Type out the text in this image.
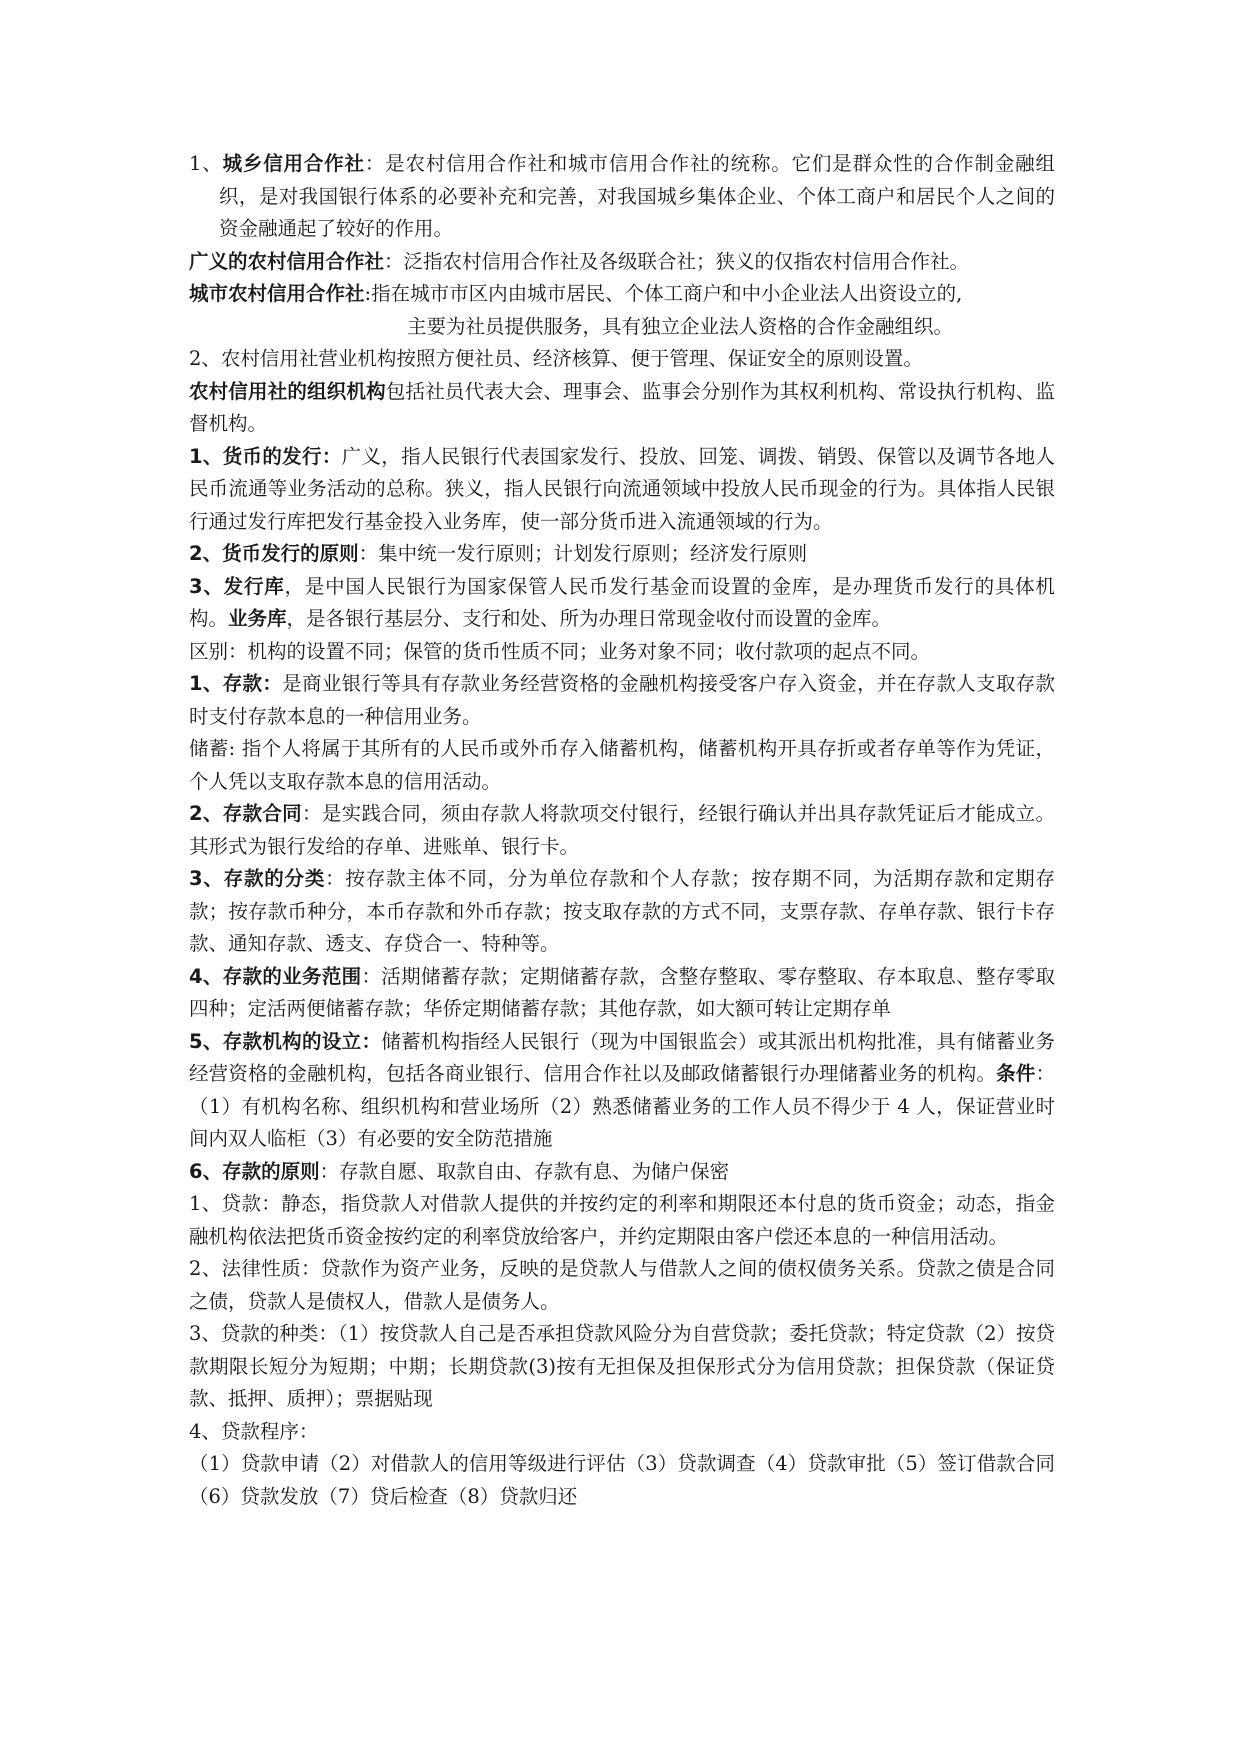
1、城乡信用合作社：是农村信用合作社和城市信用合作社的统称。它们是群众性的合作制金融组织，是对我国银行体系的必要补充和完善，对我国城乡集体企业、个体工商户和居民个人之间的资金融通起了较好的作用。

广义的农村信用合作社：泛指农村信用合作社及各级联合社；狭义的仅指农村信用合作社。

城市农村信用合作社:指在城市市区内由城市居民、个体工商户和中小企业法人出资设立的,

主要为社员提供服务，具有独立企业法人资格的合作金融组织。

2、农村信用社营业机构按照方便社员、经济核算、便于管理、保证安全的原则设置。

农村信用社的组织机构包括社员代表大会、理事会、监事会分别作为其权利机构、常设执行机构、监督机构。

1、货币的发行：广义，指人民银行代表国家发行、投放、回笼、调拨、销毁、保管以及调节各地人民币流通等业务活动的总称。狭义，指人民银行向流通领域中投放人民币现金的行为。具体指人民银行通过发行库把发行基金投入业务库，使一部分货币进入流通领域的行为。

2、货币发行的原则：集中统一发行原则；计划发行原则；经济发行原则

3、发行库，是中国人民银行为国家保管人民币发行基金而设置的金库，是办理货币发行的具体机构。业务库，是各银行基层分、支行和处、所为办理日常现金收付而设置的金库。

区别：机构的设置不同；保管的货币性质不同；业务对象不同；收付款项的起点不同。

1、存款：是商业银行等具有存款业务经营资格的金融机构接受客户存入资金，并在存款人支取存款时支付存款本息的一种信用业务。

储蓄: 指个人将属于其所有的人民币或外币存入储蓄机构，储蓄机构开具存折或者存单等作为凭证，个人凭以支取存款本息的信用活动。

2、存款合同：是实践合同，须由存款人将款项交付银行，经银行确认并出具存款凭证后才能成立。其形式为银行发给的存单、进账单、银行卡。

3、存款的分类：按存款主体不同，分为单位存款和个人存款；按存期不同，为活期存款和定期存款；按存款币种分，本币存款和外币存款；按支取存款的方式不同，支票存款、存单存款、银行卡存款、通知存款、透支、存贷合一、特种等。

4、存款的业务范围：活期储蓄存款；定期储蓄存款，含整存整取、零存整取、存本取息、整存零取四种；定活两便储蓄存款；华侨定期储蓄存款；其他存款，如大额可转让定期存单

5、存款机构的设立：储蓄机构指经人民银行（现为中国银监会）或其派出机构批准，具有储蓄业务经营资格的金融机构，包括各商业银行、信用合作社以及邮政储蓄银行办理储蓄业务的机构。条件：（1）有机构名称、组织机构和营业场所（2）熟悉储蓄业务的工作人员不得少于 4 人，保证营业时间内双人临柜（3）有必要的安全防范措施

6、存款的原则：存款自愿、取款自由、存款有息、为储户保密

1、贷款：静态，指贷款人对借款人提供的并按约定的利率和期限还本付息的货币资金；动态，指金融机构依法把货币资金按约定的利率贷放给客户，并约定期限由客户偿还本息的一种信用活动。

2、法律性质：贷款作为资产业务，反映的是贷款人与借款人之间的债权债务关系。贷款之债是合同之债，贷款人是债权人，借款人是债务人。

3、贷款的种类：（1）按贷款人自己是否承担贷款风险分为自营贷款；委托贷款；特定贷款（2）按贷款期限长短分为短期；中期；长期贷款(3)按有无担保及担保形式分为信用贷款；担保贷款（保证贷款、抵押、质押）；票据贴现

4、贷款程序：

（1）贷款申请（2）对借款人的信用等级进行评估（3）贷款调查（4）贷款审批（5）签订借款合同（6）贷款发放（7）贷后检查（8）贷款归还
